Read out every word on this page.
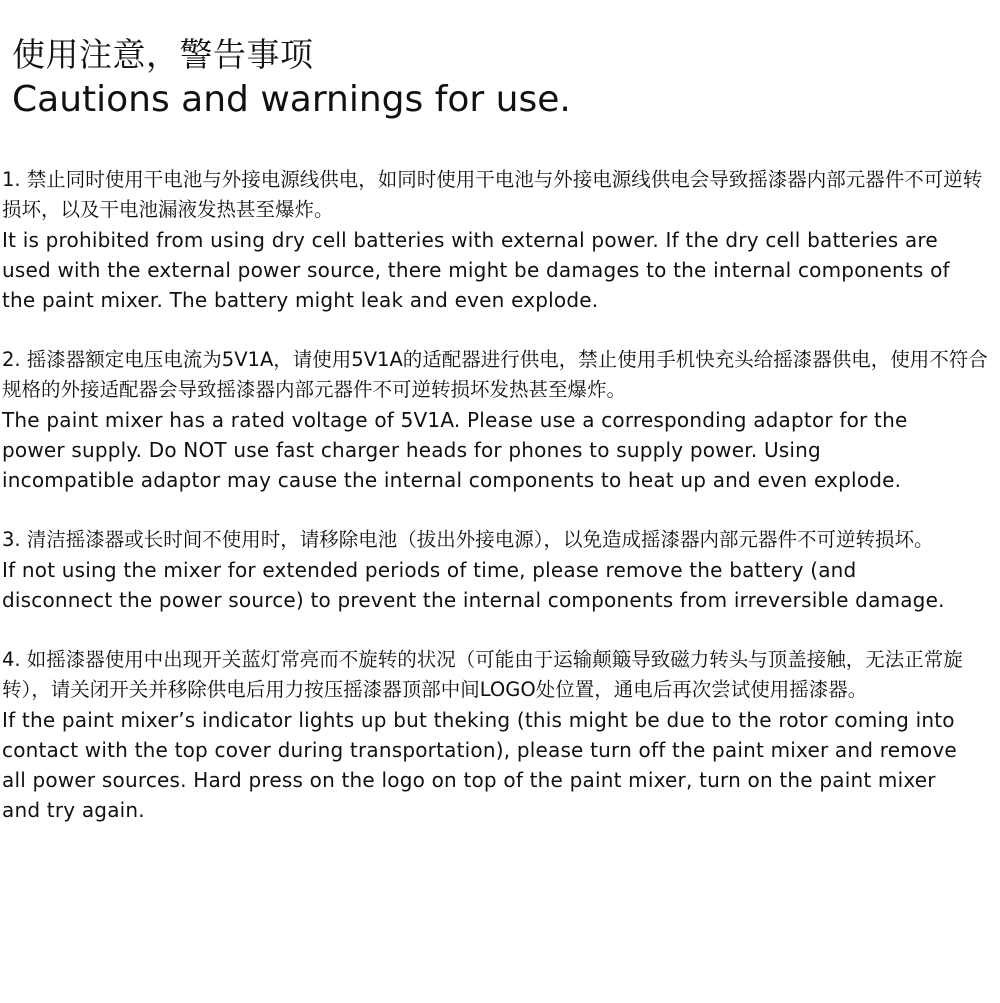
使用注意，警告事项
Cautions and warnings for use.
1. 禁止同时使用干电池与外接电源线供电，如同时使用干电池与外接电源线供电会导致摇漆器内部元器件不可逆转损坏，以及干电池漏液发热甚至爆炸。
It is prohibited from using dry cell batteries with external power. If the dry cell batteries are
used with the external power source, there might be damages to the internal components of
the paint mixer. The battery might leak and even explode.
2. 摇漆器额定电压电流为5V1A，请使用5V1A的适配器进行供电，禁止使用手机快充头给摇漆器供电，使用不符合规格的外接适配器会导致摇漆器内部元器件不可逆转损坏发热甚至爆炸。
The paint mixer has a rated voltage of 5V1A. Please use a corresponding adaptor for the
power supply. Do NOT use fast charger heads for phones to supply power. Using
incompatible adaptor may cause the internal components to heat up and even explode.
3. 清洁摇漆器或长时间不使用时，请移除电池（拔出外接电源），以免造成摇漆器内部元器件不可逆转损坏。
If not using the mixer for extended periods of time, please remove the battery (and
disconnect the power source) to prevent the internal components from irreversible damage.
4. 如摇漆器使用中出现开关蓝灯常亮而不旋转的状况（可能由于运输颠簸导致磁力转头与顶盖接触，无法正常旋转），请关闭开关并移除供电后用力按压摇漆器顶部中间LOGO处位置，通电后再次尝试使用摇漆器。
If the paint mixer’s indicator lights up but theking (this might be due to the rotor coming into
contact with the top cover during transportation), please turn off the paint mixer and remove
all power sources. Hard press on the logo on top of the paint mixer, turn on the paint mixer
and try again.
